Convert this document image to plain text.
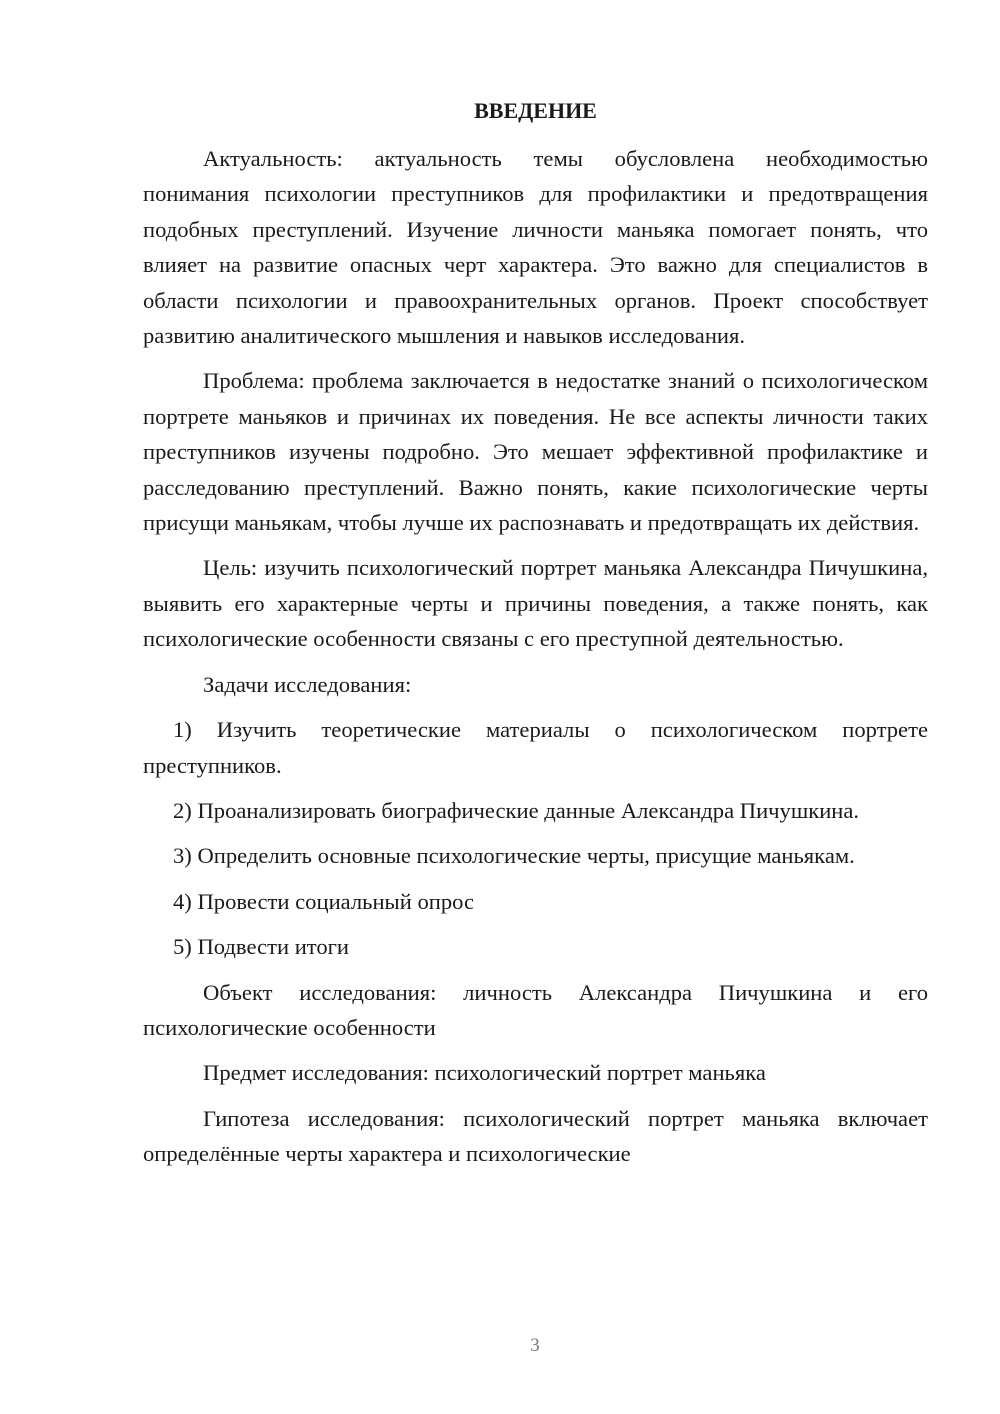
ВВЕДЕНИЕ

Актуальность: актуальность темы обусловлена необходимостью понимания психологии преступников для профилактики и предотвращения подобных преступлений. Изучение личности маньяка помогает понять, что влияет на развитие опасных черт характера. Это важно для специалистов в области психологии и правоохранительных органов. Проект способствует развитию аналитического мышления и навыков исследования.

Проблема: проблема заключается в недостатке знаний о психологическом портрете маньяков и причинах их поведения. Не все аспекты личности таких преступников изучены подробно. Это мешает эффективной профилактике и расследованию преступлений. Важно понять, какие психологические черты присущи маньякам, чтобы лучше их распознавать и предотвращать их действия.

Цель: изучить психологический портрет маньяка Александра Пичушкина, выявить его характерные черты и причины поведения, а также понять, как психологические особенности связаны с его преступной деятельностью.

Задачи исследования:

1) Изучить теоретические материалы о психологическом портрете преступников.

2) Проанализировать биографические данные Александра Пичушкина.

3) Определить основные психологические черты, присущие маньякам.

4) Провести социальный опрос

5) Подвести итоги

Объект исследования: личность Александра Пичушкина и его психологические особенности

Предмет исследования: психологический портрет маньяка

Гипотеза исследования: психологический портрет маньяка включает определённые черты характера и психологические

3
